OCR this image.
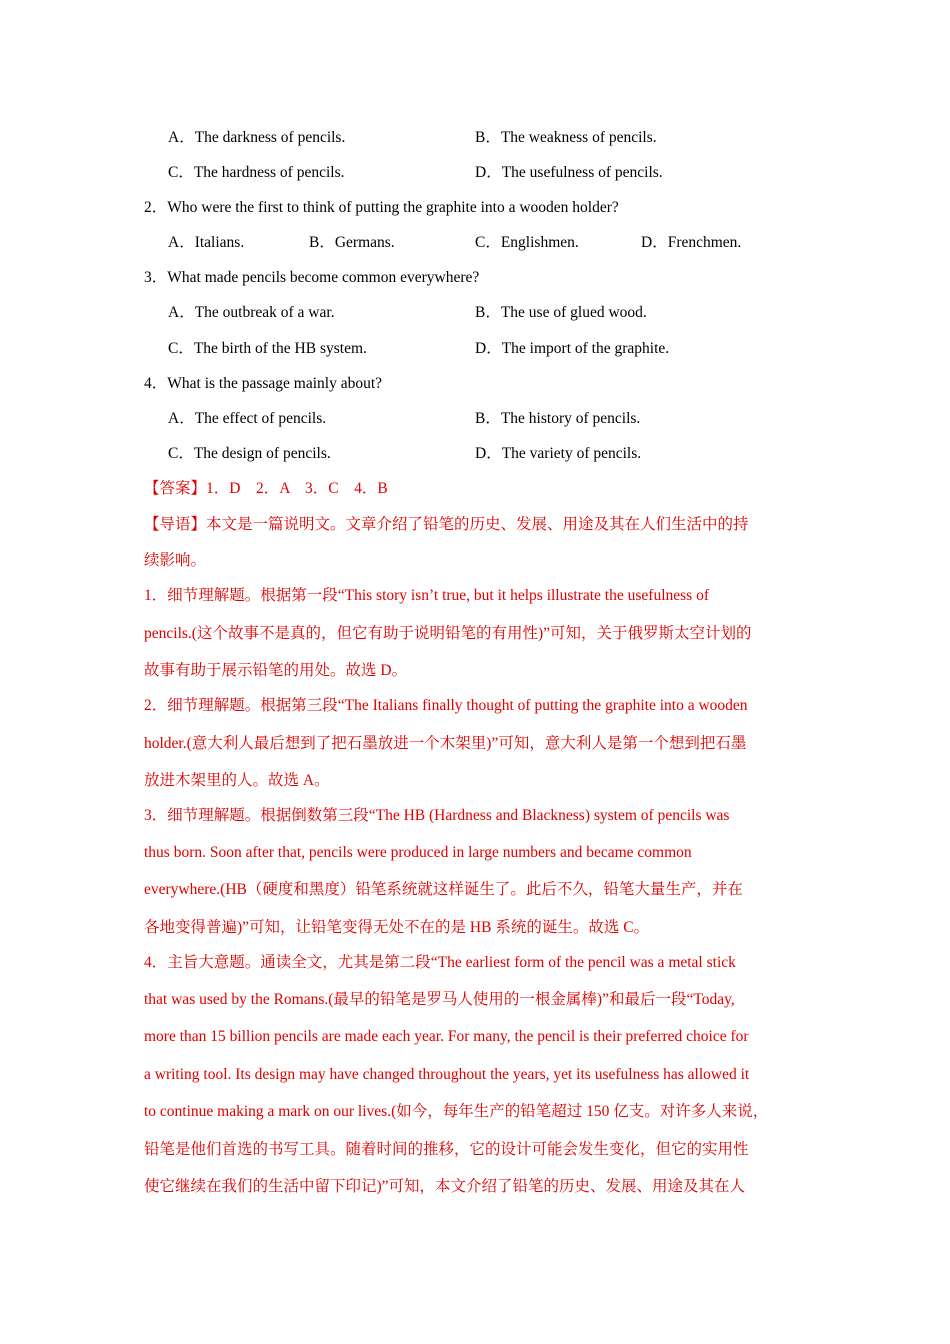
A．The darkness of pencils.	B．The weakness of pencils.
C．The hardness of pencils.	D．The usefulness of pencils.
2．Who were the first to think of putting the graphite into a wooden holder?
A．Italians.	B．Germans.	C．Englishmen.	D．Frenchmen.
3．What made pencils become common everywhere?
A．The outbreak of a war.	B．The use of glued wood.
C．The birth of the HB system.	D．The import of the graphite.
4．What is the passage mainly about?
A．The effect of pencils.	B．The history of pencils.
C．The design of pencils.	D．The variety of pencils.
【答案】1．D　2．A　3．C　4．B
【导语】本文是一篇说明文。文章介绍了铅笔的历史、发展、用途及其在人们生活中的持
续影响。
1．细节理解题。根据第一段“This story isn’t true, but it helps illustrate the usefulness of
pencils.(这个故事不是真的，但它有助于说明铅笔的有用性)”可知，关于俄罗斯太空计划的
故事有助于展示铅笔的用处。故选 D。
2．细节理解题。根据第三段“The Italians finally thought of putting the graphite into a wooden
holder.(意大利人最后想到了把石墨放进一个木架里)”可知，意大利人是第一个想到把石墨
放进木架里的人。故选 A。
3．细节理解题。根据倒数第三段“The HB (Hardness and Blackness) system of pencils was
thus born. Soon after that, pencils were produced in large numbers and became common
everywhere.(HB（硬度和黑度）铅笔系统就这样诞生了。此后不久，铅笔大量生产，并在
各地变得普遍)”可知，让铅笔变得无处不在的是 HB 系统的诞生。故选 C。
4．主旨大意题。通读全文，尤其是第二段“The earliest form of the pencil was a metal stick
that was used by the Romans.(最早的铅笔是罗马人使用的一根金属棒)”和最后一段“Today,
more than 15 billion pencils are made each year. For many, the pencil is their preferred choice for
a writing tool. Its design may have changed throughout the years, yet its usefulness has allowed it
to continue making a mark on our lives.(如今，每年生产的铅笔超过 150 亿支。对许多人来说，
铅笔是他们首选的书写工具。随着时间的推移，它的设计可能会发生变化，但它的实用性
使它继续在我们的生活中留下印记)”可知，本文介绍了铅笔的历史、发展、用途及其在人
